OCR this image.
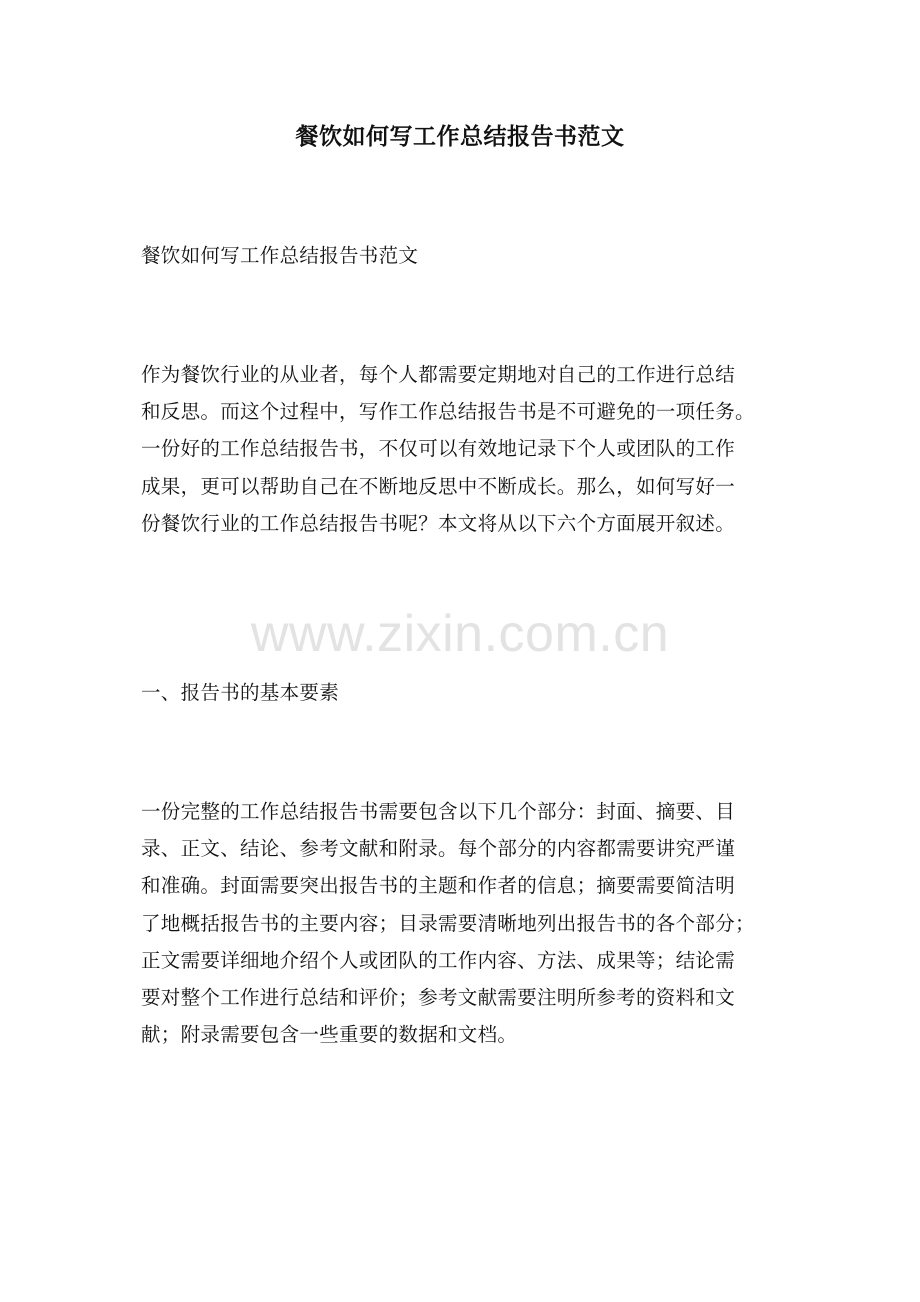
餐饮如何写工作总结报告书范文
餐饮如何写工作总结报告书范文

作为餐饮行业的从业者，每个人都需要定期地对自己的工作进行总结

和反思。而这个过程中，写作工作总结报告书是不可避免的一项任务。

一份好的工作总结报告书，不仅可以有效地记录下个人或团队的工作

成果，更可以帮助自己在不断地反思中不断成长。那么，如何写好一

份餐饮行业的工作总结报告书呢？本文将从以下六个方面展开叙述。

www.zixin.com.cn
一、报告书的基本要素

一份完整的工作总结报告书需要包含以下几个部分：封面、摘要、目

录、正文、结论、参考文献和附录。每个部分的内容都需要讲究严谨

和准确。封面需要突出报告书的主题和作者的信息；摘要需要简洁明

了地概括报告书的主要内容；目录需要清晰地列出报告书的各个部分；

正文需要详细地介绍个人或团队的工作内容、方法、成果等；结论需

要对整个工作进行总结和评价；参考文献需要注明所参考的资料和文

献；附录需要包含一些重要的数据和文档。
